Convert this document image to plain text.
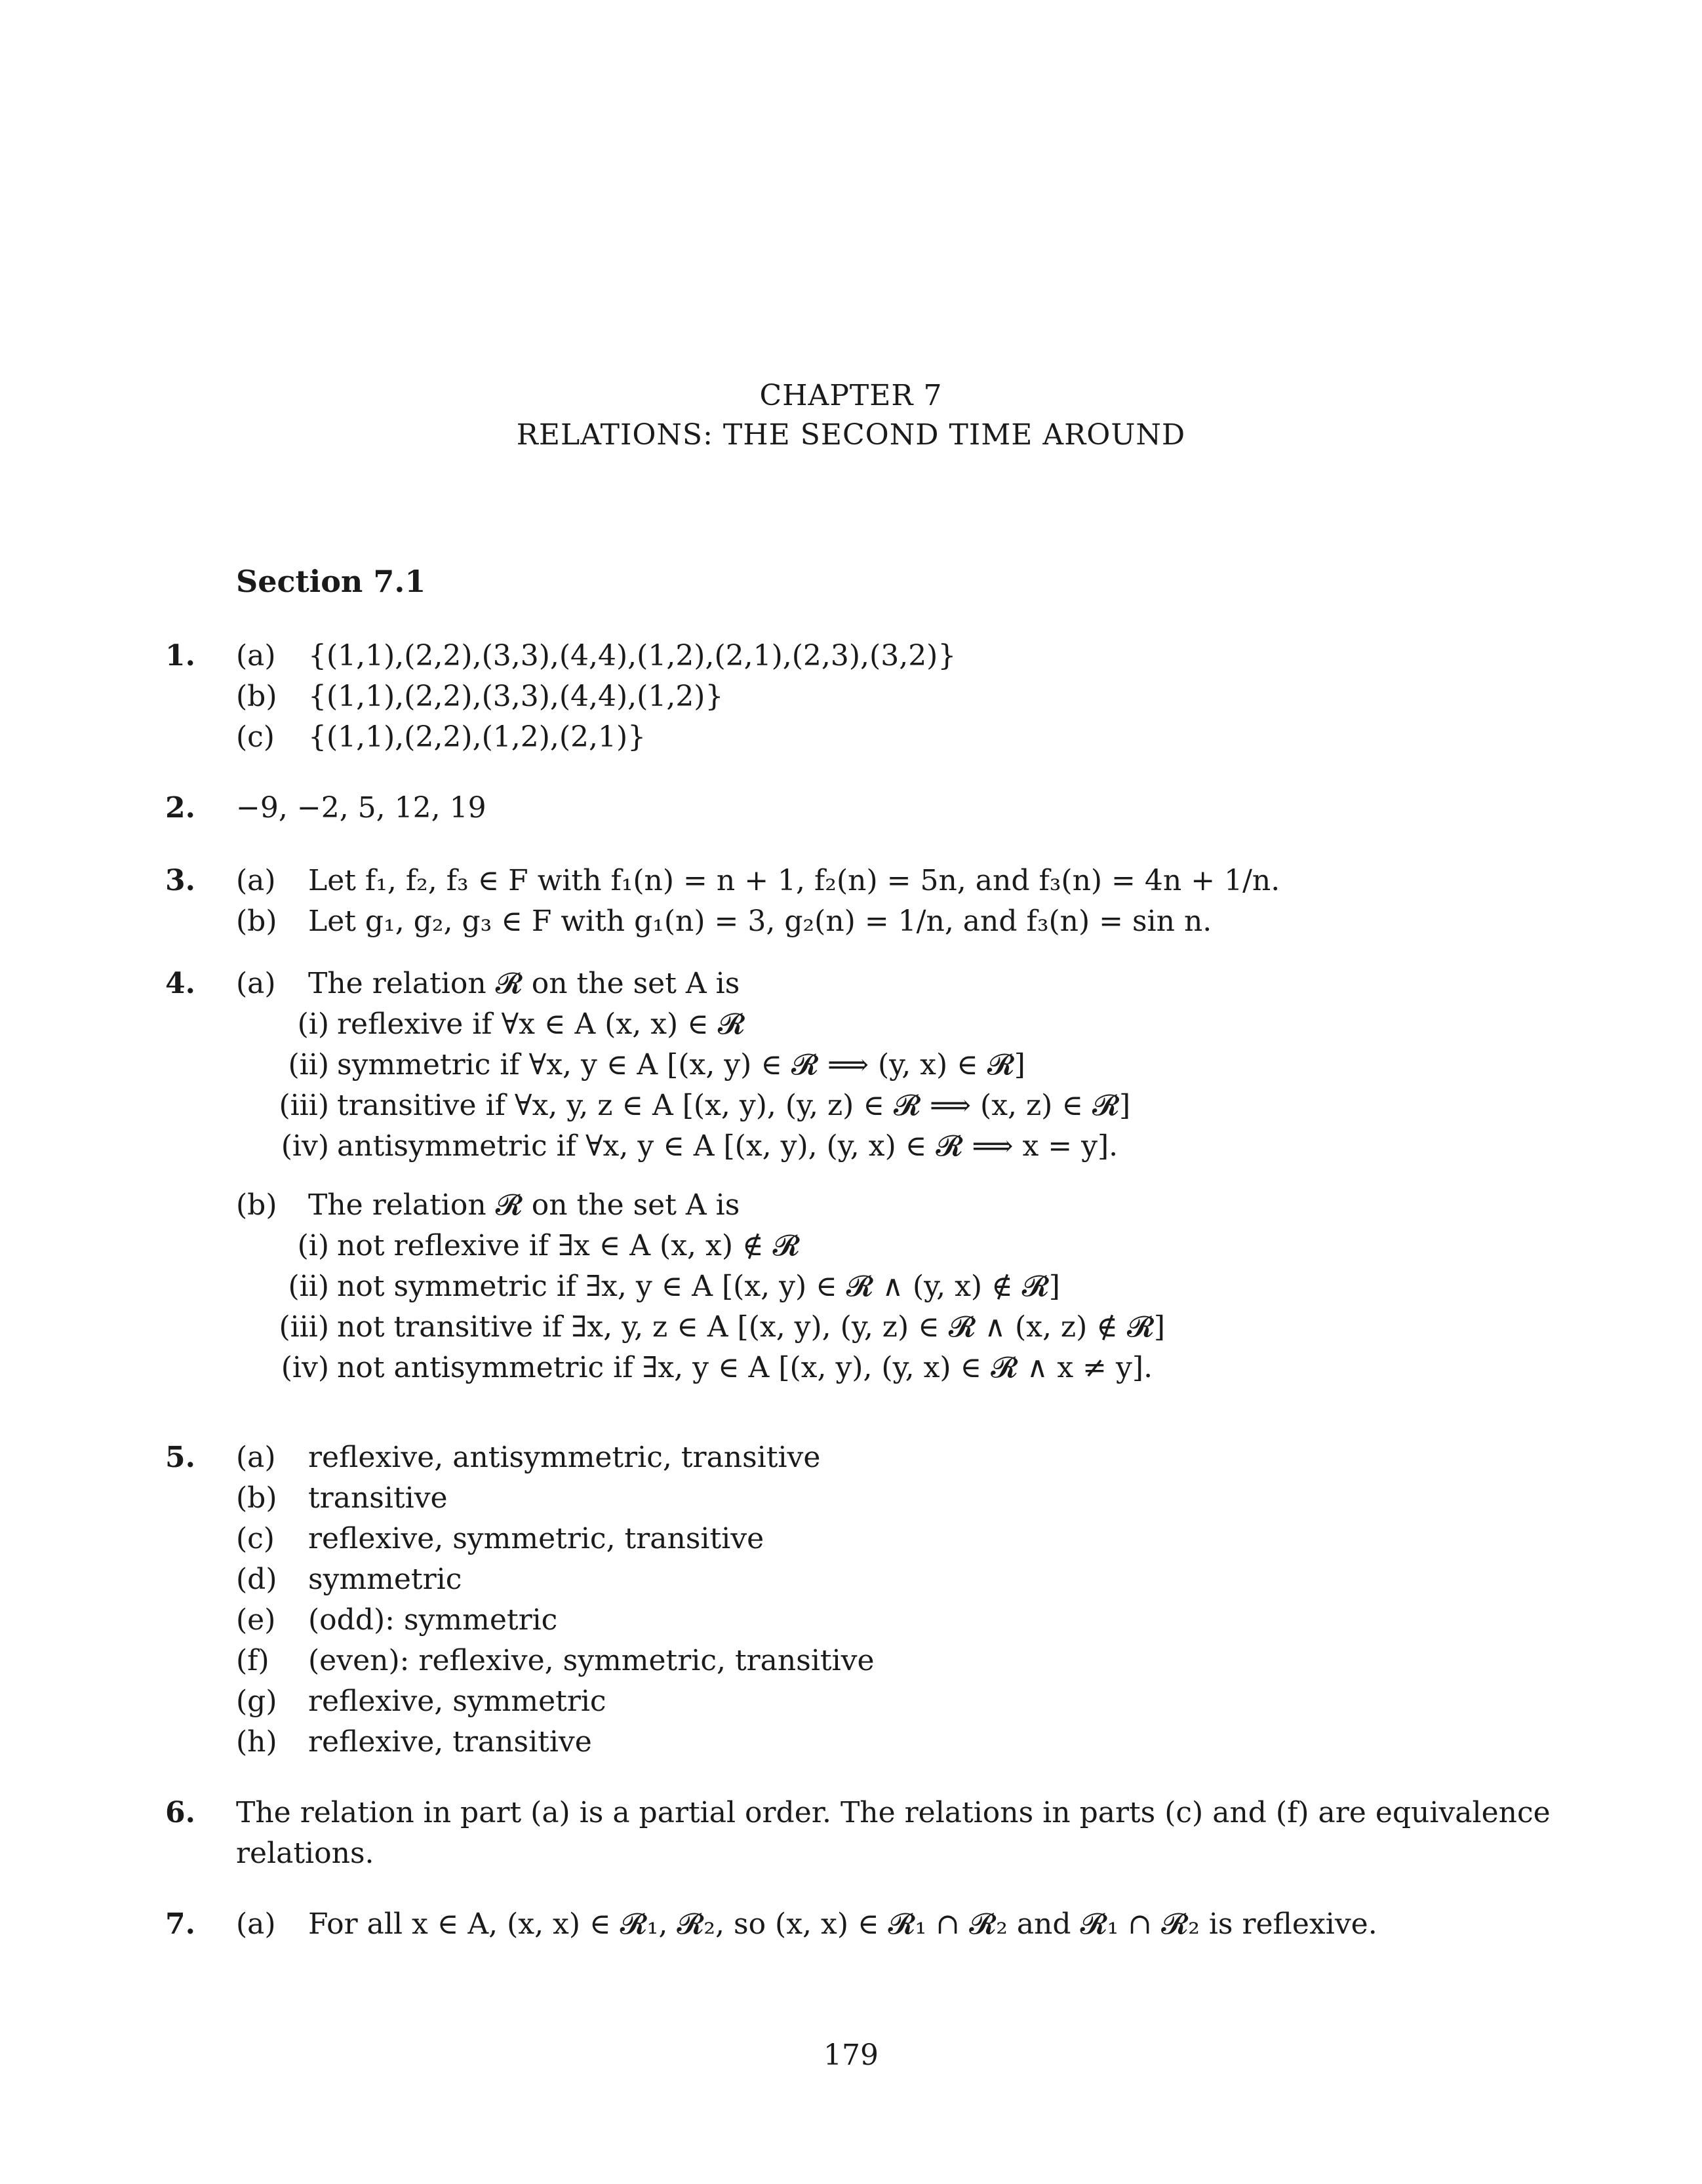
CHAPTER 7
RELATIONS: THE SECOND TIME AROUND
Section 7.1
1.	(a)	{(1,1),(2,2),(3,3),(4,4),(1,2),(2,1),(2,3),(3,2)}
(b)	{(1,1),(2,2),(3,3),(4,4),(1,2)}
(c)	{(1,1),(2,2),(1,2),(2,1)}
2.	−9, −2, 5, 12, 19
3.	(a)	Let f₁, f₂, f₃ ∈ F with f₁(n) = n + 1, f₂(n) = 5n, and f₃(n) = 4n + 1/n.
(b)	Let g₁, g₂, g₃ ∈ F with g₁(n) = 3, g₂(n) = 1/n, and f₃(n) = sin n.
4.	(a)	The relation 𝓡 on the set A is
(i) reflexive if ∀x ∈ A (x, x) ∈ 𝓡
(ii) symmetric if ∀x, y ∈ A [(x, y) ∈ 𝓡 ⟹ (y, x) ∈ 𝓡]
(iii) transitive if ∀x, y, z ∈ A [(x, y), (y, z) ∈ 𝓡 ⟹ (x, z) ∈ 𝓡]
(iv) antisymmetric if ∀x, y ∈ A [(x, y), (y, x) ∈ 𝓡 ⟹ x = y].
(b)	The relation 𝓡 on the set A is
(i) not reflexive if ∃x ∈ A (x, x) ∉ 𝓡
(ii) not symmetric if ∃x, y ∈ A [(x, y) ∈ 𝓡 ∧ (y, x) ∉ 𝓡]
(iii) not transitive if ∃x, y, z ∈ A [(x, y), (y, z) ∈ 𝓡 ∧ (x, z) ∉ 𝓡]
(iv) not antisymmetric if ∃x, y ∈ A [(x, y), (y, x) ∈ 𝓡 ∧ x ≠ y].
5.	(a)	reflexive, antisymmetric, transitive
(b)	transitive
(c)	reflexive, symmetric, transitive
(d)	symmetric
(e)	(odd): symmetric
(f)	(even): reflexive, symmetric, transitive
(g)	reflexive, symmetric
(h)	reflexive, transitive
6.	The relation in part (a) is a partial order. The relations in parts (c) and (f) are equivalence
relations.
7.	(a)	For all x ∈ A, (x, x) ∈ 𝓡₁, 𝓡₂, so (x, x) ∈ 𝓡₁ ∩ 𝓡₂ and 𝓡₁ ∩ 𝓡₂ is reflexive.
179
